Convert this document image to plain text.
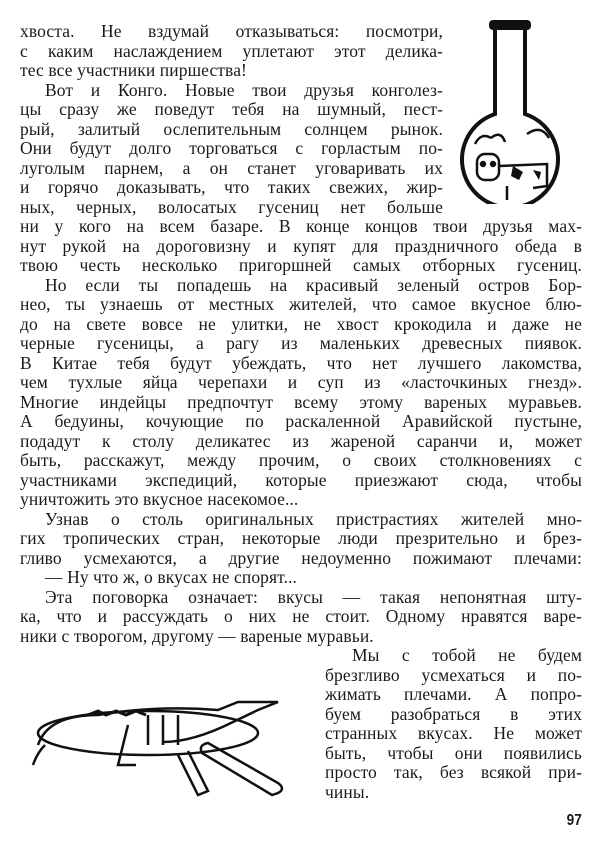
хвоста. Не вздумай отказываться: посмотри,
с каким наслаждением уплетают этот делика-
тес все участники пиршества!
Вот и Конго. Новые твои друзья конголез-
цы сразу же поведут тебя на шумный, пест-
рый, залитый ослепительным солнцем рынок.
Они будут долго торговаться с горластым по-
луголым парнем, а он станет уговаривать их
и горячо доказывать, что таких свежих, жир-
ных, черных, волосатых гусениц нет больше
ни у кого на всем базаре. В конце концов твои друзья мах-
нут рукой на дороговизну и купят для праздничного обеда в
твою честь несколько пригоршней самых отборных гусениц.
Но если ты попадешь на красивый зеленый остров Бор-
нео, ты узнаешь от местных жителей, что самое вкусное блю-
до на свете вовсе не улитки, не хвост крокодила и даже не
черные гусеницы, а рагу из маленьких древесных пиявок.
В Китае тебя будут убеждать, что нет лучшего лакомства,
чем тухлые яйца черепахи и суп из «ласточкиных гнезд».
Многие индейцы предпочтут всему этому вареных муравьев.
А бедуины, кочующие по раскаленной Аравийской пустыне,
подадут к столу деликатес из жареной саранчи и, может
быть, расскажут, между прочим, о своих столкновениях с
участниками экспедиций, которые приезжают сюда, чтобы
уничтожить это вкусное насекомое...
Узнав о столь оригинальных пристрастиях жителей мно-
гих тропических стран, некоторые люди презрительно и брез-
гливо усмехаются, а другие недоуменно пожимают плечами:
— Ну что ж, о вкусах не спорят...
Эта поговорка означает: вкусы — такая непонятная шту-
ка, что и рассуждать о них не стоит. Одному нравятся варе-
ники с творогом, другому — вареные муравьи.
Мы с тобой не будем
брезгливо усмехаться и по-
жимать плечами. А попро-
буем разобраться в этих
странных вкусах. Не может
быть, чтобы они появились
просто так, без всякой при-
чины.
97
